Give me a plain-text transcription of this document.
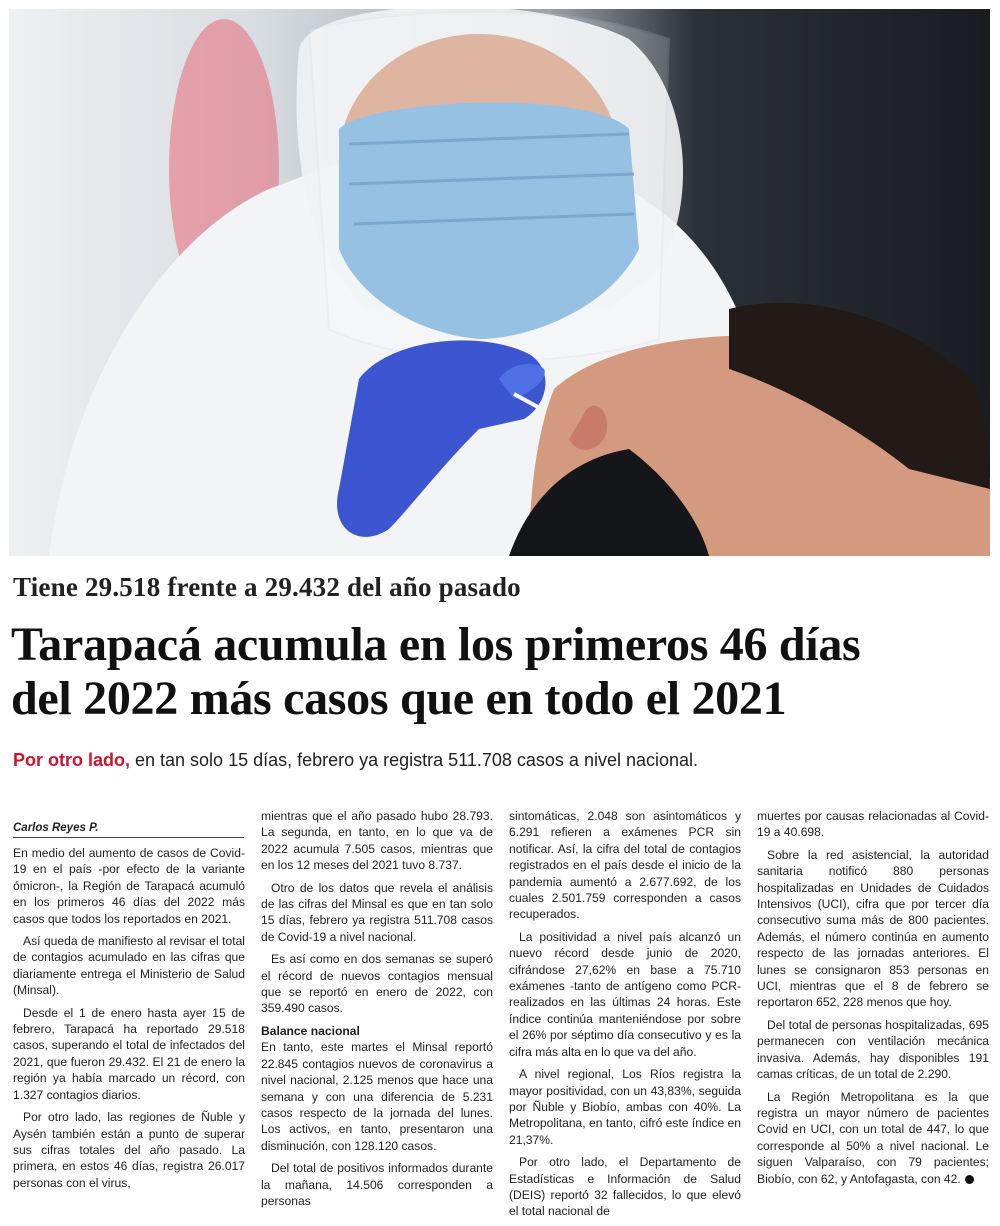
Tiene 29.518 frente a 29.432 del año pasado
Tarapacá acumula en los primeros 46 días
del 2022 más casos que en todo el 2021
Por otro lado, en tan solo 15 días, febrero ya registra 511.708 casos a nivel nacional.
Carlos Reyes P.

En medio del aumento de casos de Covid-19 en el país -por efecto de la variante ómicron-, la Región de Tarapacá acumuló en los primeros 46 días del 2022 más casos que todos los reportados en 2021.

Así queda de manifiesto al revisar el total de contagios acumulado en las cifras que diariamente entrega el Ministerio de Salud (Minsal).

Desde el 1 de enero hasta ayer 15 de febrero, Tarapacá ha reportado 29.518 casos, superando el total de infectados del 2021, que fueron 29.432. El 21 de enero la región ya había marcado un récord, con 1.327 contagios diarios.

Por otro lado, las regiones de Ñuble y Aysén también están a punto de superar sus cifras totales del año pasado. La primera, en estos 46 días, registra 26.017 personas con el virus,

mientras que el año pasado hubo 28.793. La segunda, en tanto, en lo que va de 2022 acumula 7.505 casos, mientras que en los 12 meses del 2021 tuvo 8.737.

Otro de los datos que revela el análisis de las cifras del Minsal es que en tan solo 15 días, febrero ya registra 511.708 casos de Covid-19 a nivel nacional.

Es así como en dos semanas se superó el récord de nuevos contagios mensual que se reportó en enero de 2022, con 359.490 casos.

Balance nacional

En tanto, este martes el Minsal reportó 22.845 contagios nuevos de coronavirus a nivel nacional, 2.125 menos que hace una semana y con una diferencia de 5.231 casos respecto de la jornada del lunes. Los activos, en tanto, presentaron una disminución, con 128.120 casos.

Del total de positivos informados durante la mañana, 14.506 corresponden a personas

sintomáticas, 2.048 son asintomáticos y 6.291 refieren a exámenes PCR sin notificar. Así, la cifra del total de contagios registrados en el país desde el inicio de la pandemia aumentó a 2.677.692, de los cuales 2.501.759 corresponden a casos recuperados.

La positividad a nivel país alcanzó un nuevo récord desde junio de 2020, cifrándose 27,62% en base a 75.710 exámenes -tanto de antígeno como PCR- realizados en las últimas 24 horas. Este índice continúa manteniéndose por sobre el 26% por séptimo día consecutivo y es la cifra más alta en lo que va del año.

A nivel regional, Los Ríos registra la mayor positividad, con un 43,83%, seguida por Ñuble y Biobío, ambas con 40%. La Metropolitana, en tanto, cifró este índice en 21,37%.

Por otro lado, el Departamento de Estadísticas e Información de Salud (DEIS) reportó 32 fallecidos, lo que elevó el total nacional de

muertes por causas relacionadas al Covid-19 a 40.698.

Sobre la red asistencial, la autoridad sanitaria notificó 880 personas hospitalizadas en Unidades de Cuidados Intensivos (UCI), cifra que por tercer día consecutivo suma más de 800 pacientes. Además, el número continúa en aumento respecto de las jornadas anteriores. El lunes se consignaron 853 personas en UCI, mientras que el 8 de febrero se reportaron 652, 228 menos que hoy.

Del total de personas hospitalizadas, 695 permanecen con ventilación mecánica invasiva. Además, hay disponibles 191 camas críticas, de un total de 2.290.

La Región Metropolitana es la que registra un mayor número de pacientes Covid en UCI, con un total de 447, lo que corresponde al 50% a nivel nacional. Le siguen Valparaíso, con 79 pacientes; Biobío, con 62, y Antofagasta, con 42.
